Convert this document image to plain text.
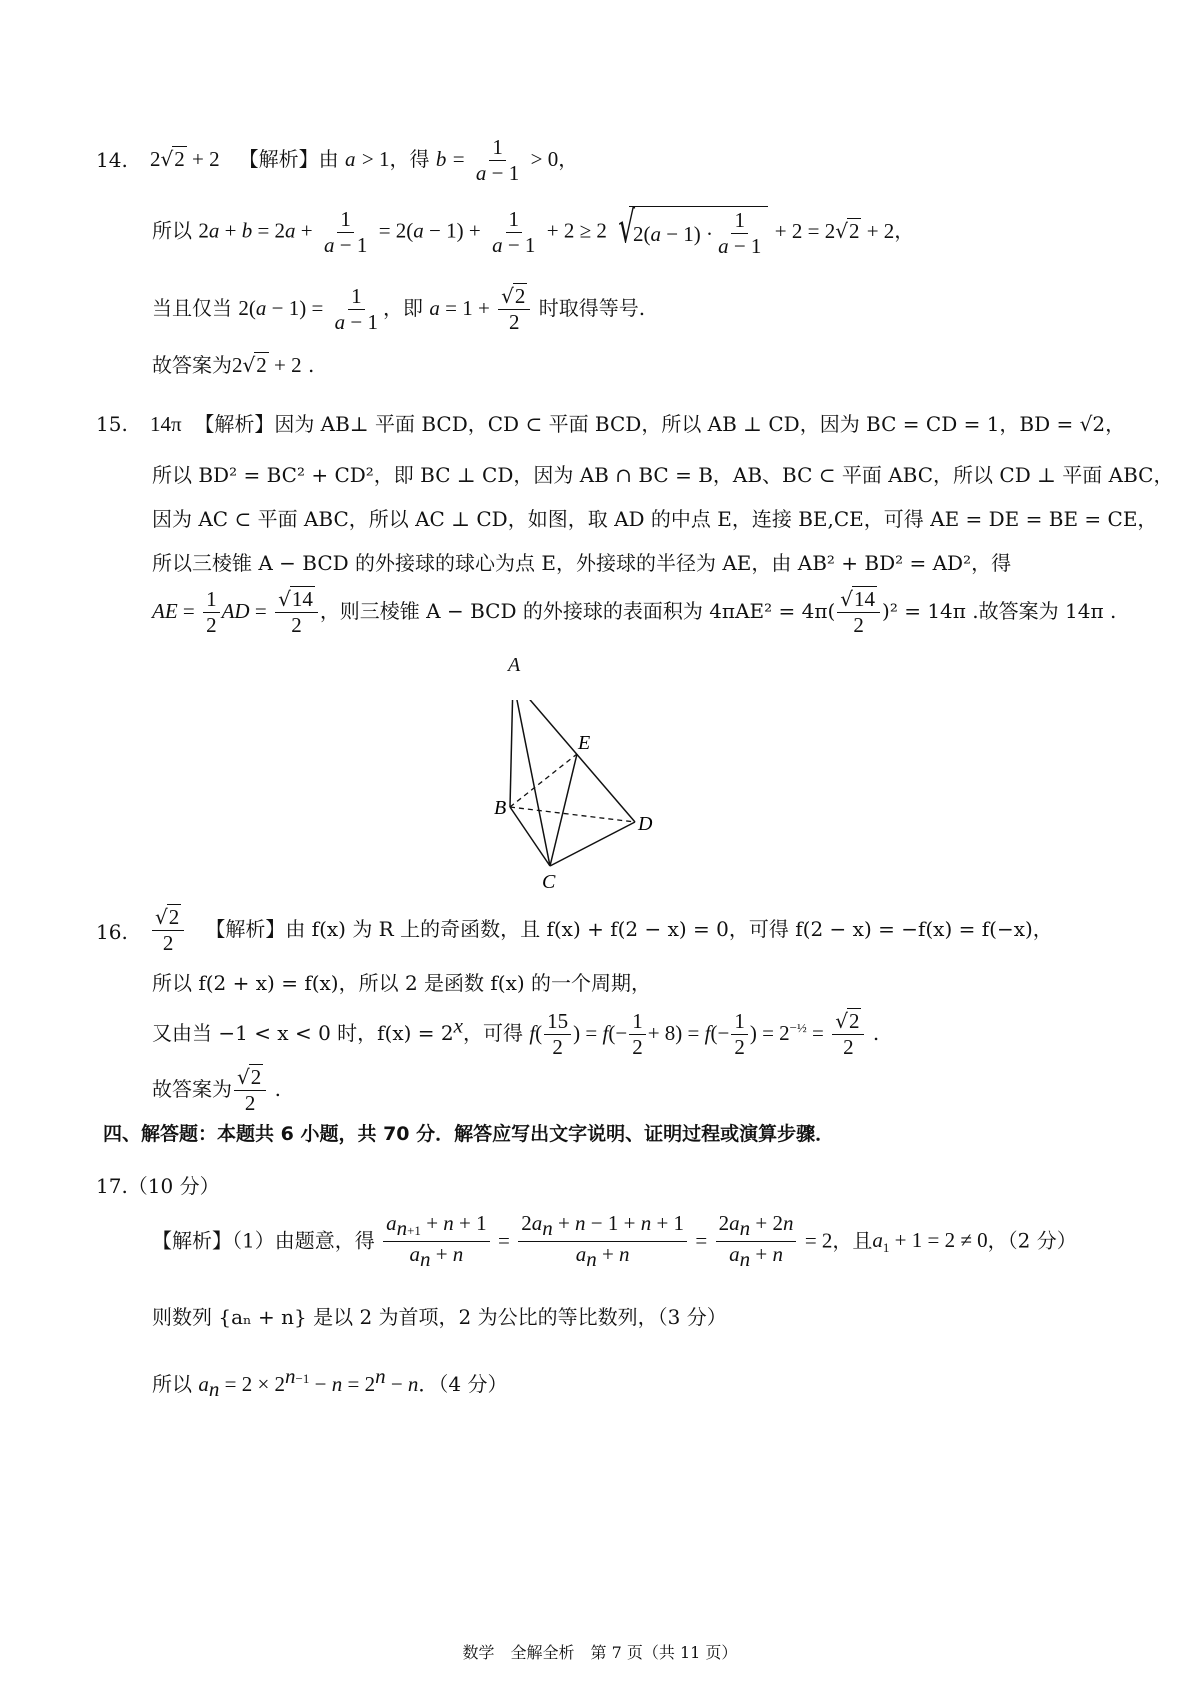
14. 2√2 + 2 【解析】由 a > 1，得 $b = \frac{1}{a - 1} > 0$，
所以 $2a + b = 2a + \frac{1}{a - 1} = 2(a - 1) + \frac{1}{a - 1} + 2 \ge 2$ √
2(a − 1) ·
1
a − 1
+ 2 = 2√2 + 2，
当且仅当 $2(a - 1) = \frac{1}{a - 1}$ ，即 $a = 1 + \frac{√2}{2}$ 时取得等号.
故答案为2√2 + 2 .
15. 14π 【解析】因为 AB⊥ 平面 BCD，CD ⊂ 平面 BCD，所以 AB ⊥ CD，因为 BC = CD = 1，BD = √2，
所以 BD² = BC² + CD²，即 BC ⊥ CD，因为 AB ∩ BC = B，AB、BC ⊂ 平面 ABC，所以 CD ⊥ 平面 ABC，
因为 AC ⊂ 平面 ABC，所以 AC ⊥ CD，如图，取 AD 的中点 E，连接 BE,CE，可得 AE = DE = BE = CE，
所以三棱锥 A − BCD 的外接球的球心为点 E，外接球的半径为 AE，由 AB² + BD² = AD²，得
AE = $\frac{1}{2}$ AD = $\frac{√14}{2}$ ，则三棱锥 A − BCD 的外接球的表面积为 $4\pi AE^2 = 4\pi( \frac{√14}{2} )^2 = 14\pi$ .故答案为 14π .
E
B
D
C
A
16. $\frac{√2}{2}$ 【解析】由 f(x) 为 R 上的奇函数，且 f(x) + f(2 − x) = 0，可得 f(2 − x) = −f(x) = f(−x)，
所以 f(2 + x) = f(x)，所以 2 是函数 f(x) 的一个周期，
又由当 −1 < x < 0 时，$f(x) = 2^x$，可得 $f( \frac{15}{2}$ ) = $f(- \frac{1}{2} + 8) = f(- \frac{1}{2}$ ) = $2^{-\frac{1}{2}} = \frac{√2}{2}$ .
故答案为 $\frac{√2}{2}$ .
四、解答题：本题共 6 小题，共 70 分．解答应写出文字说明、证明过程或演算步骤．
17.（10 分）
【解析】（1）由题意，得 $\frac{a_{n+1} + n + 1}{a_n + n} = \frac{2a_n + n - 1 + n + 1}{a_n + n} = \frac{2a_n + 2n}{a_n + n} = 2$，且$a_1 + 1 = 2 \ne 0$，（2 分）
则数列 {aₙ + n} 是以 2 为首项，2 为公比的等比数列，（3 分）
所以 $a_n = 2 \times 2^{n-1} - n = 2^n - n$．（4 分）
数学　全解全析　第 7 页（共 11 页）
